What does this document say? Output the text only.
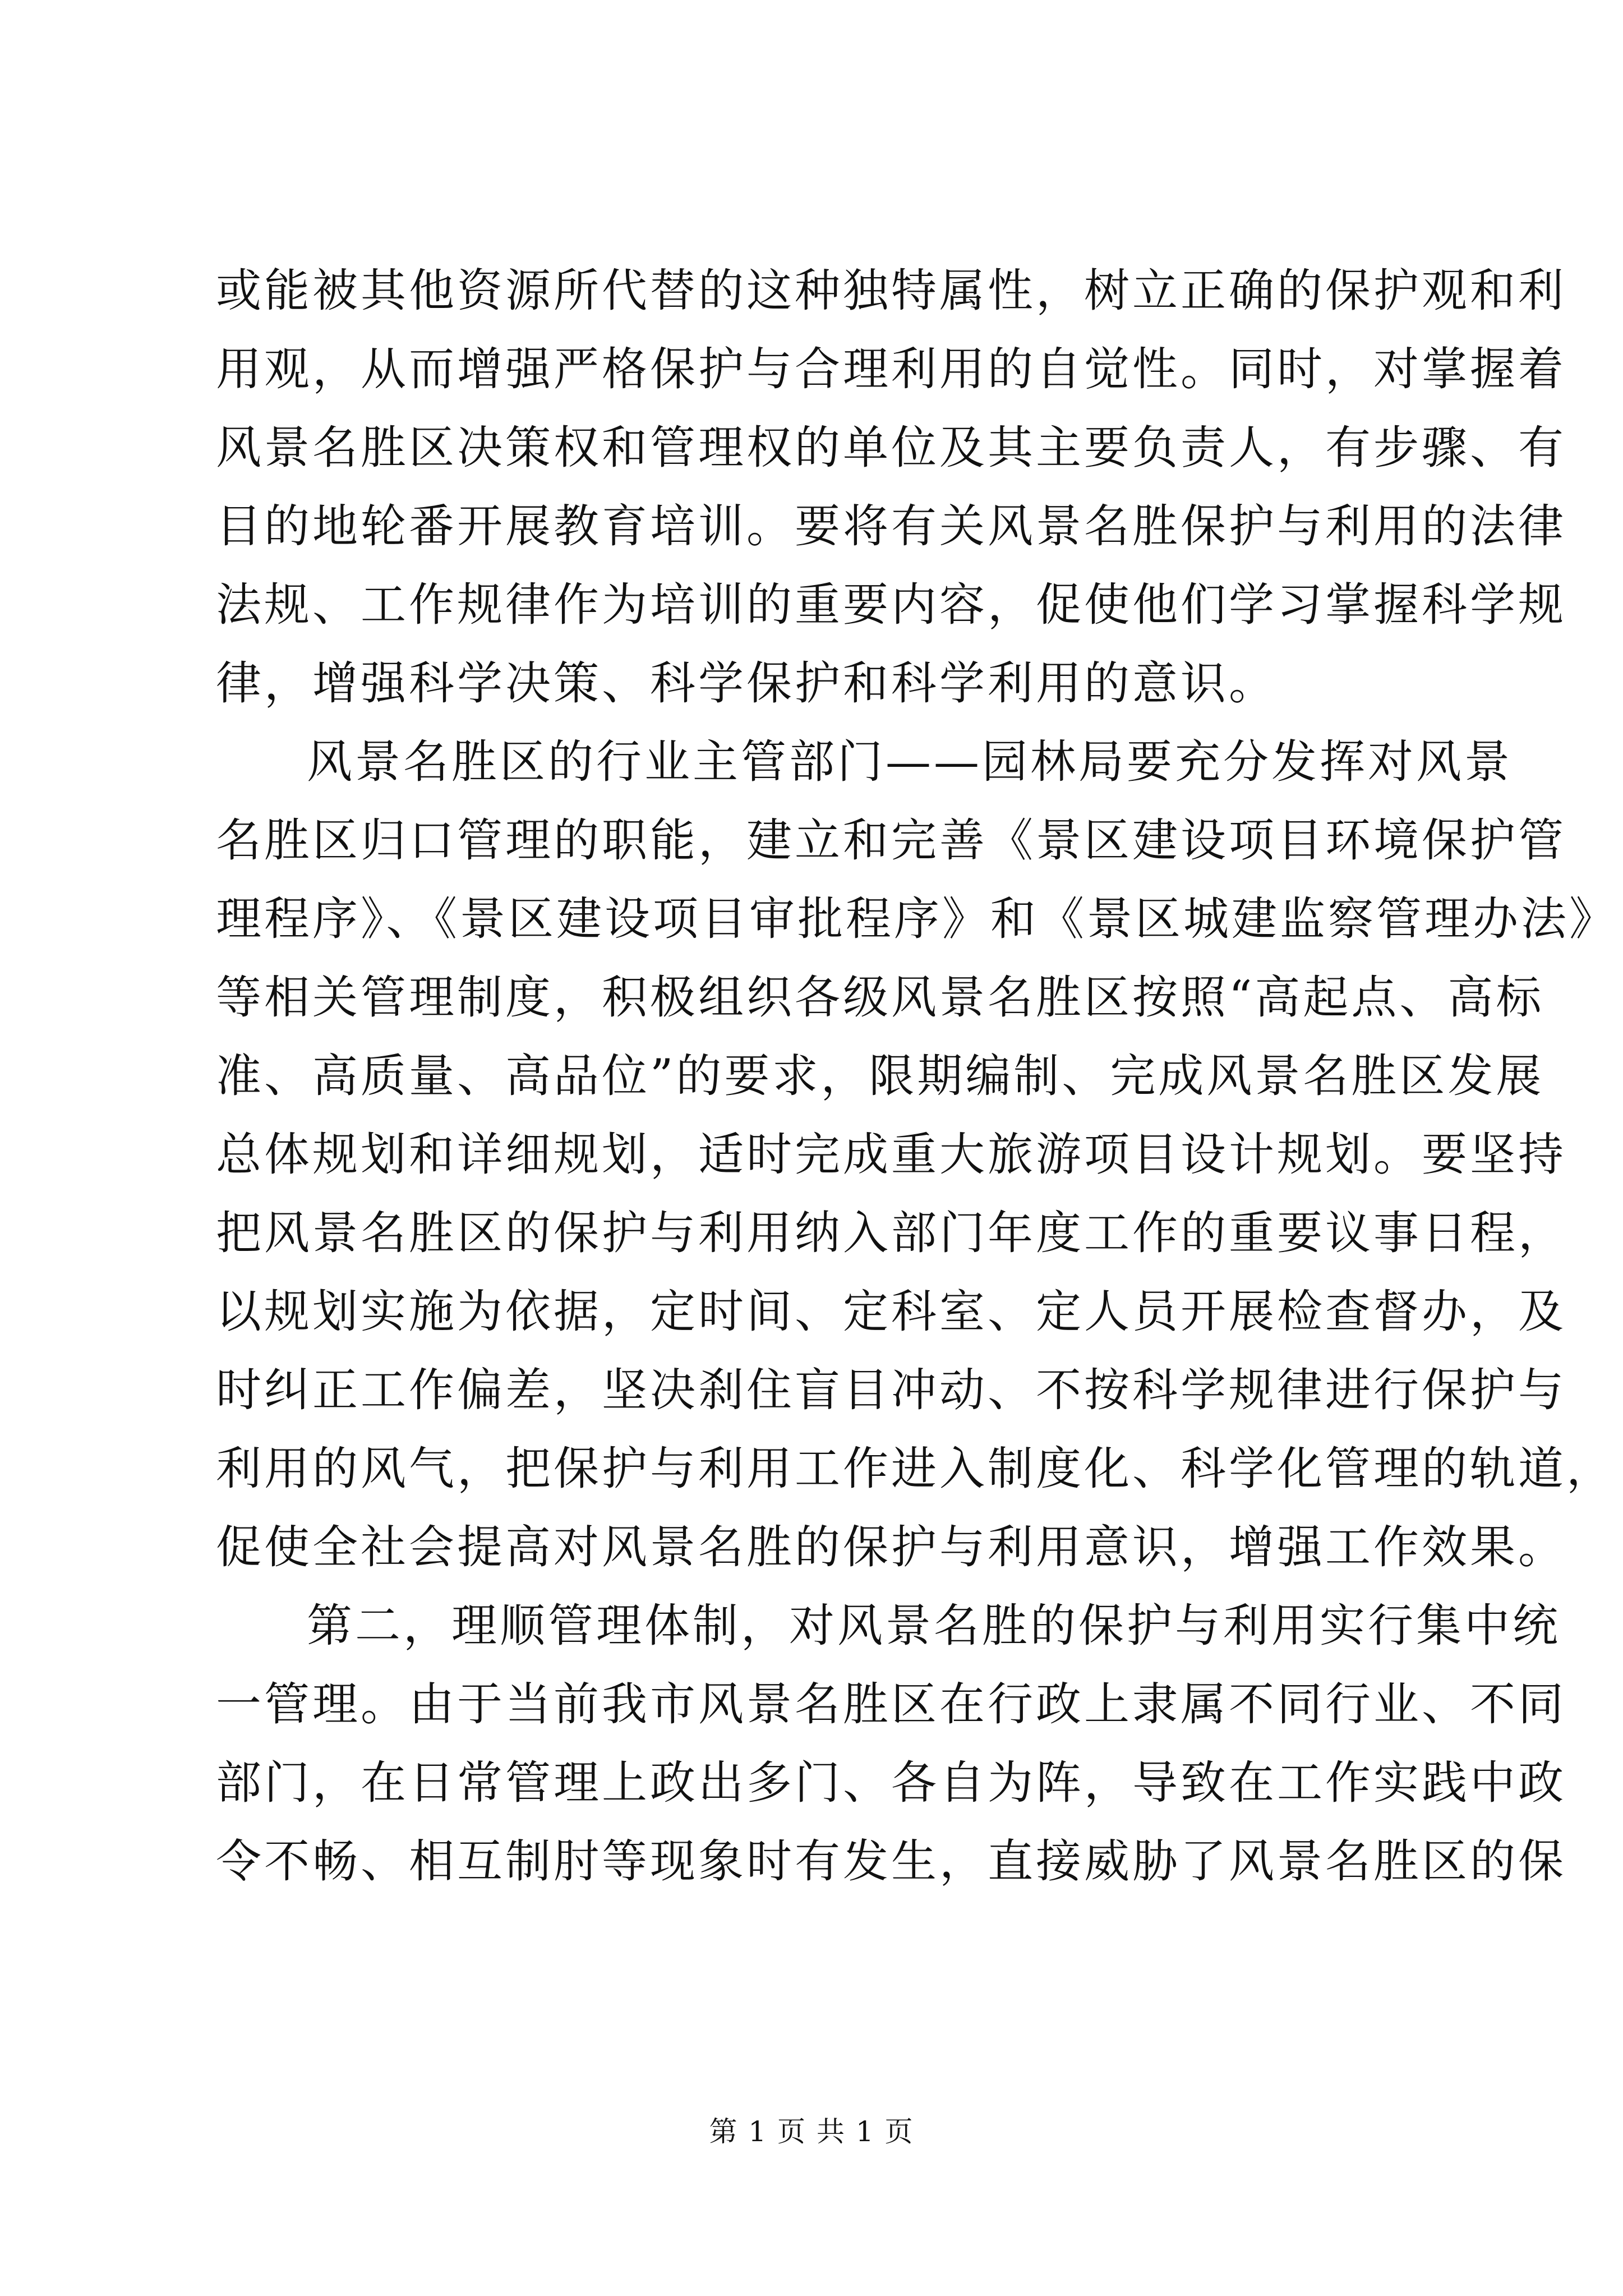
或能被其他资源所代替的这种独特属性，树立正确的保护观和利
用观，从而增强严格保护与合理利用的自觉性。同时，对掌握着
风景名胜区决策权和管理权的单位及其主要负责人，有步骤、有
目的地轮番开展教育培训。要将有关风景名胜保护与利用的法律
法规、工作规律作为培训的重要内容，促使他们学习掌握科学规
律，增强科学决策、科学保护和科学利用的意识。
风景名胜区的行业主管部门——园林局要充分发挥对风景
名胜区归口管理的职能，建立和完善《景区建设项目环境保护管
理程序》、《景区建设项目审批程序》和《景区城建监察管理办法》
等相关管理制度，积极组织各级风景名胜区按照“高起点、高标
准、高质量、高品位”的要求，限期编制、完成风景名胜区发展
总体规划和详细规划，适时完成重大旅游项目设计规划。要坚持
把风景名胜区的保护与利用纳入部门年度工作的重要议事日程，
以规划实施为依据，定时间、定科室、定人员开展检查督办，及
时纠正工作偏差，坚决刹住盲目冲动、不按科学规律进行保护与
利用的风气，把保护与利用工作进入制度化、科学化管理的轨道，
促使全社会提高对风景名胜的保护与利用意识，增强工作效果。
第二，理顺管理体制，对风景名胜的保护与利用实行集中统
一管理。由于当前我市风景名胜区在行政上隶属不同行业、不同
部门，在日常管理上政出多门、各自为阵，导致在工作实践中政
令不畅、相互制肘等现象时有发生，直接威胁了风景名胜区的保
第 1 页 共 1 页
